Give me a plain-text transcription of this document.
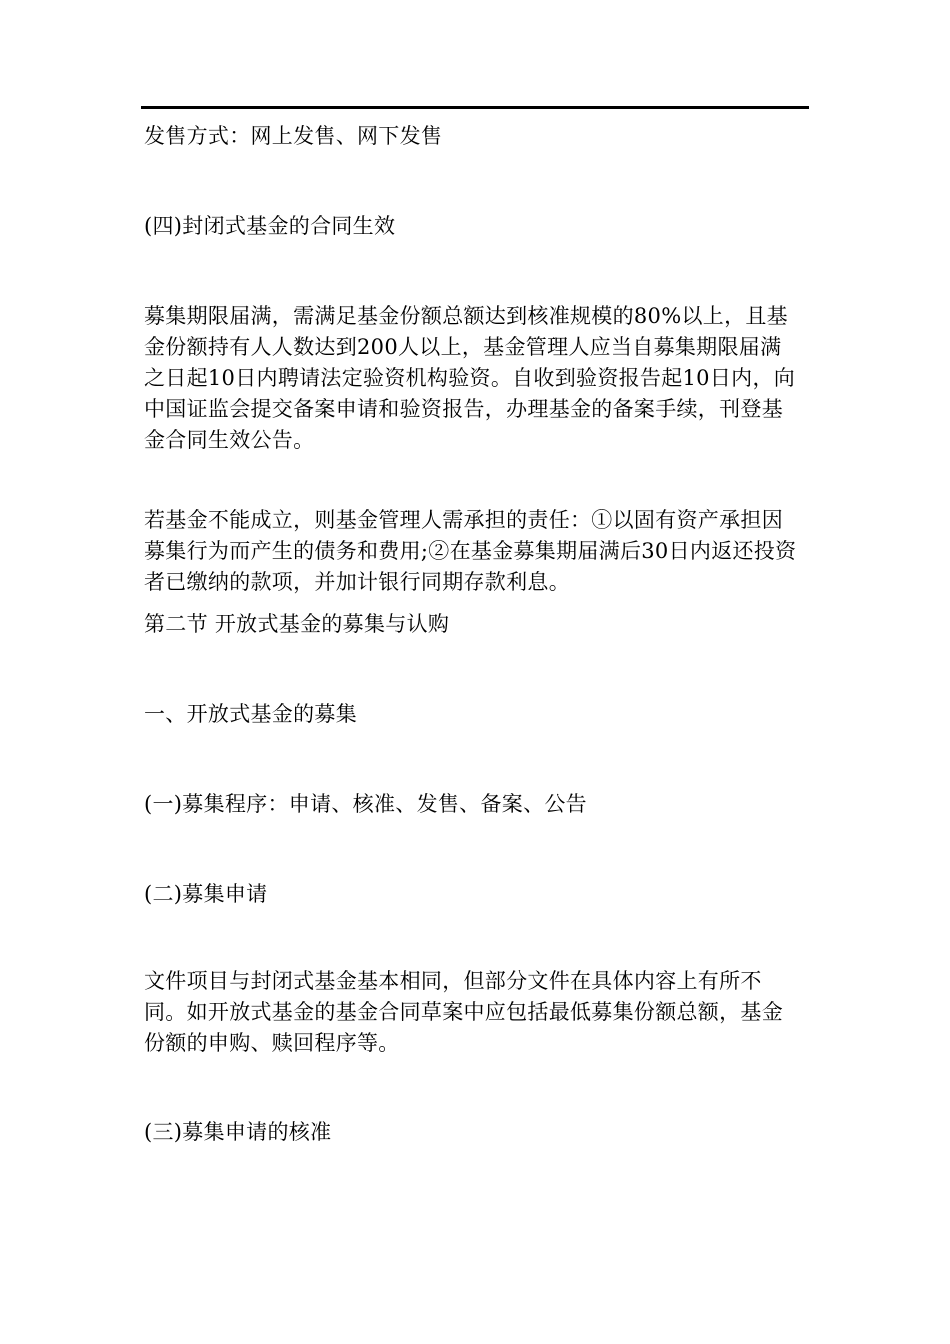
发售方式：网上发售、网下发售

(四)封闭式基金的合同生效

募集期限届满，需满足基金份额总额达到核准规模的80%以上，且基金份额持有人人数达到200人以上，基金管理人应当自募集期限届满之日起10日内聘请法定验资机构验资。自收到验资报告起10日内，向中国证监会提交备案申请和验资报告，办理基金的备案手续，刊登基金合同生效公告。

若基金不能成立，则基金管理人需承担的责任：①以固有资产承担因募集行为而产生的债务和费用;②在基金募集期届满后30日内返还投资者已缴纳的款项，并加计银行同期存款利息。

第二节 开放式基金的募集与认购

一、开放式基金的募集

(一)募集程序：申请、核准、发售、备案、公告

(二)募集申请

文件项目与封闭式基金基本相同，但部分文件在具体内容上有所不同。如开放式基金的基金合同草案中应包括最低募集份额总额，基金份额的申购、赎回程序等。

(三)募集申请的核准
